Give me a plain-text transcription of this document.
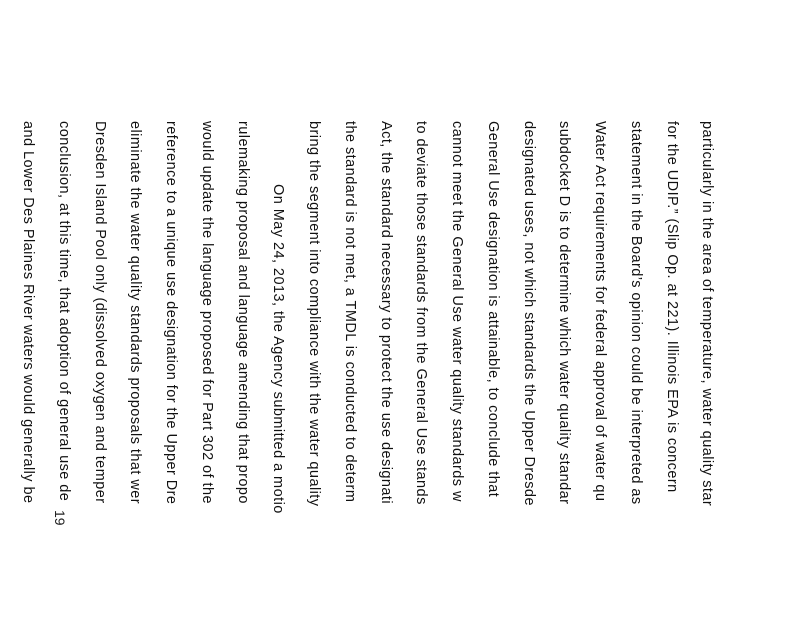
particularly in the area of temperature, water quality star
for the UDIP.” (Slip Op. at 221). Illinois EPA is concern
statement in the Board’s opinion could be interpreted as
Water Act requirements for federal approval of water qu
subdocket D is to determine which water quality standar
designated uses, not which standards the Upper Dresde
General Use designation is attainable, to conclude that
cannot meet the General Use water quality standards w
to deviate those standards from the General Use stands
Act, the standard necessary to protect the use designati
the standard is not met, a TMDL is conducted to determ
bring the segment into compliance with the water quality
On May 24, 2013, the Agency submitted a motio
rulemaking proposal and language amending that propo
would update the language proposed for Part 302 of the
reference to a unique use designation for the Upper Dre
eliminate the water quality standards proposals that wer
Dresden Island Pool only (dissolved oxygen and temper
conclusion, at this time, that adoption of general use de
and Lower Des Plaines River waters would generally be
19
